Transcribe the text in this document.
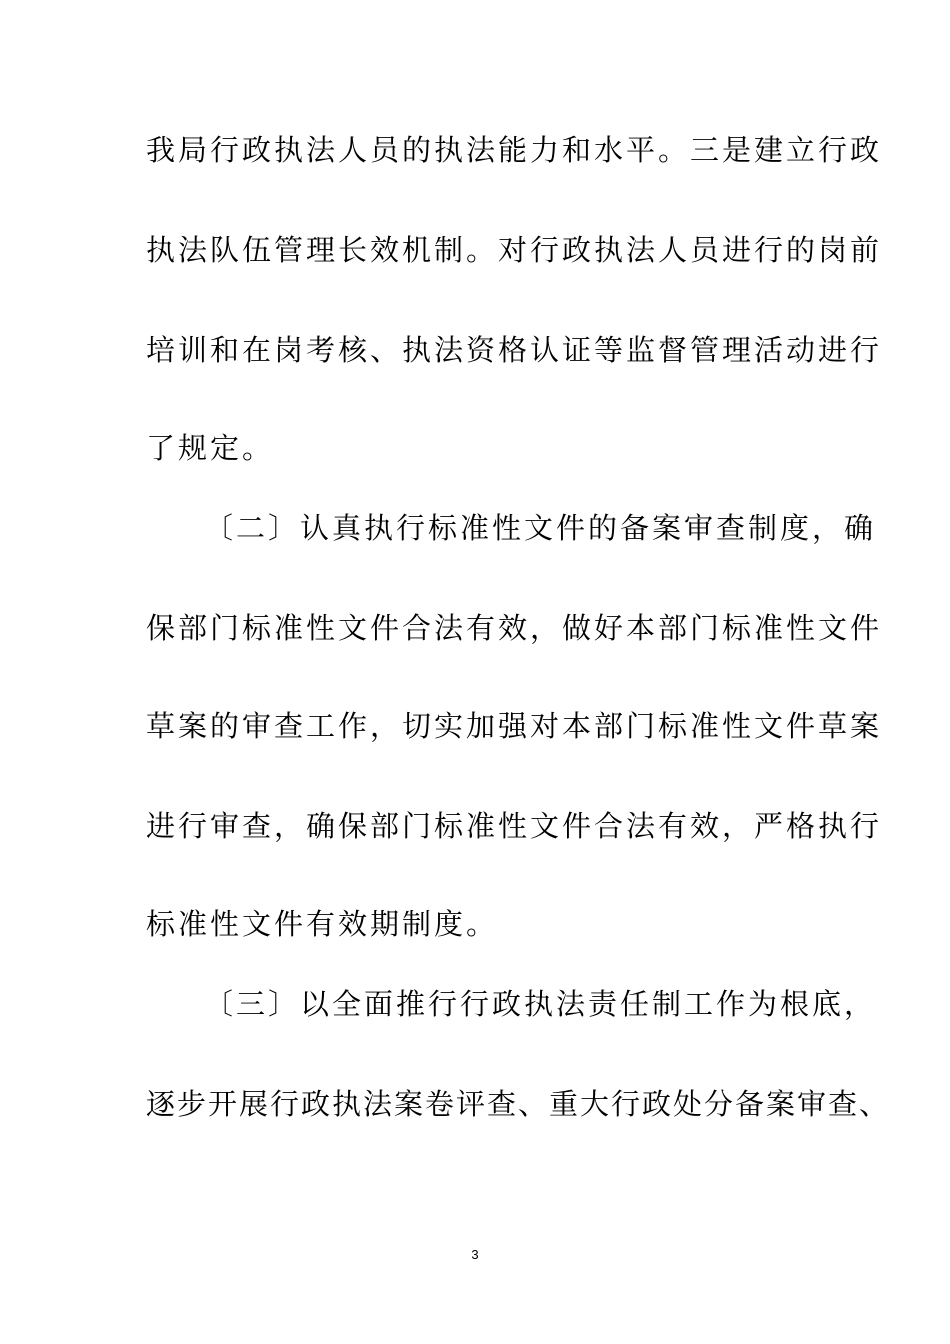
我局行政执法人员的执法能力和水平。三是建立行政
执法队伍管理长效机制。对行政执法人员进行的岗前
培训和在岗考核、执法资格认证等监督管理活动进行
了规定。
〔二〕认真执行标准性文件的备案审查制度，确
保部门标准性文件合法有效，做好本部门标准性文件
草案的审查工作，切实加强对本部门标准性文件草案
进行审查，确保部门标准性文件合法有效，严格执行
标准性文件有效期制度。
〔三〕以全面推行行政执法责任制工作为根底，
逐步开展行政执法案卷评查、重大行政处分备案审查、
3
